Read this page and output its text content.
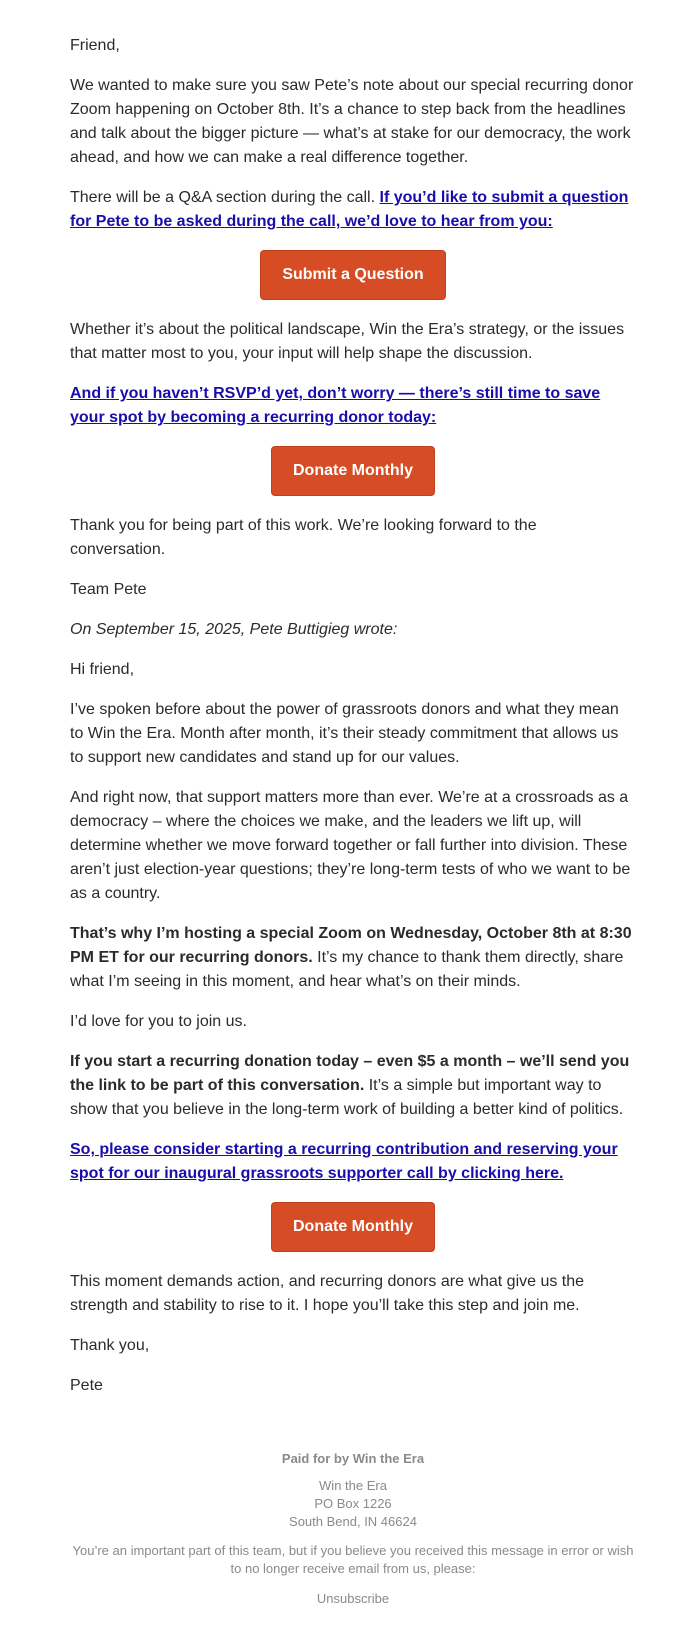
Friend,

We wanted to make sure you saw Pete’s note about our special recurring donor Zoom happening on October 8th. It’s a chance to step back from the headlines and talk about the bigger picture — what’s at stake for our democracy, the work ahead, and how we can make a real difference together.

There will be a Q&A section during the call. If you’d like to submit a question for Pete to be asked during the call, we’d love to hear from you:

Submit a Question

Whether it’s about the political landscape, Win the Era’s strategy, or the issues that matter most to you, your input will help shape the discussion.

And if you haven’t RSVP’d yet, don’t worry — there’s still time to save your spot by becoming a recurring donor today:

Donate Monthly

Thank you for being part of this work. We’re looking forward to the conversation.

Team Pete

On September 15, 2025, Pete Buttigieg wrote:

Hi friend,

I’ve spoken before about the power of grassroots donors and what they mean to Win the Era. Month after month, it’s their steady commitment that allows us to support new candidates and stand up for our values.

And right now, that support matters more than ever. We’re at a crossroads as a democracy – where the choices we make, and the leaders we lift up, will determine whether we move forward together or fall further into division. These aren’t just election-year questions; they’re long-term tests of who we want to be as a country.

That’s why I’m hosting a special Zoom on Wednesday, October 8th at 8:30 PM ET for our recurring donors. It’s my chance to thank them directly, share what I’m seeing in this moment, and hear what’s on their minds.

I’d love for you to join us.

If you start a recurring donation today – even $5 a month – we’ll send you the link to be part of this conversation. It’s a simple but important way to show that you believe in the long-term work of building a better kind of politics.

So, please consider starting a recurring contribution and reserving your spot for our inaugural grassroots supporter call by clicking here.

Donate Monthly

This moment demands action, and recurring donors are what give us the strength and stability to rise to it. I hope you’ll take this step and join me.

Thank you,

Pete

Paid for by Win the Era
Win the Era
PO Box 1226
South Bend, IN 46624
You’re an important part of this team, but if you believe you received this message in error or wish to no longer receive email from us, please:
Unsubscribe
